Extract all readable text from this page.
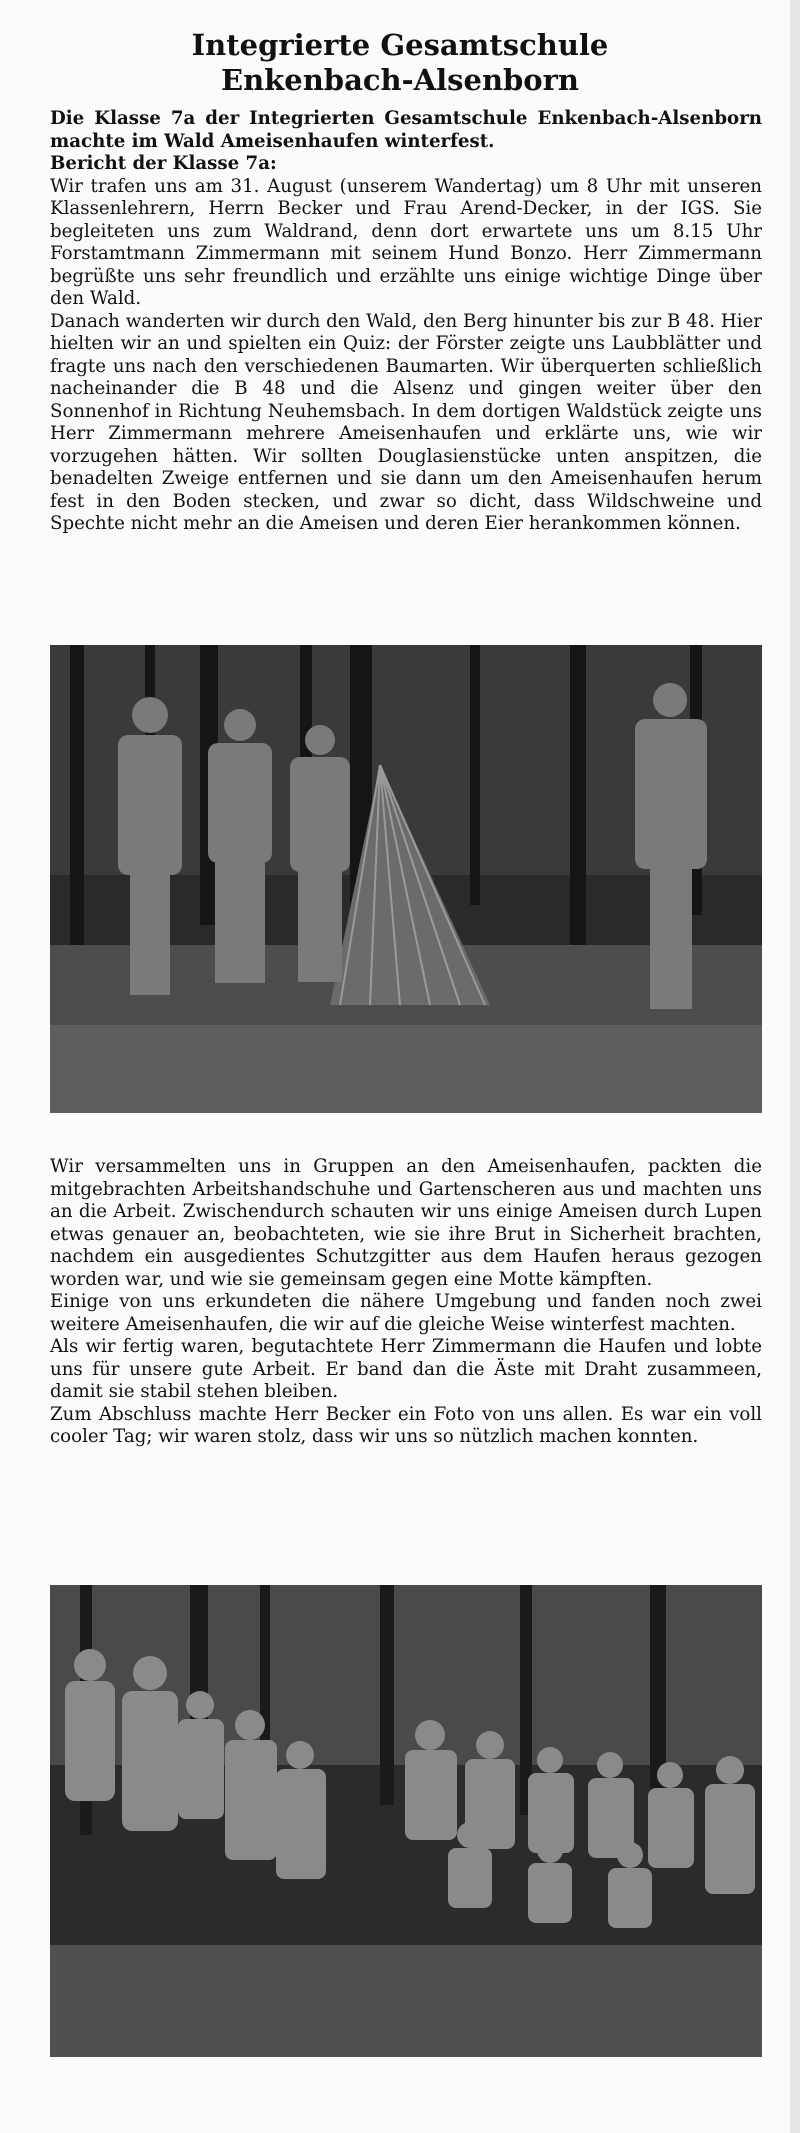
Integrierte Gesamtschule
Enkenbach-Alsenborn

Die Klasse 7a der Integrierten Gesamtschule Enkenbach-Alsenborn machte im Wald Ameisenhaufen winterfest.

Bericht der Klasse 7a:

Wir trafen uns am 31. August (unserem Wandertag) um 8 Uhr mit unseren Klassenlehrern, Herrn Becker und Frau Arend-Decker, in der IGS. Sie begleiteten uns zum Waldrand, denn dort erwartete uns um 8.15 Uhr Forstamtmann Zimmermann mit seinem Hund Bonzo. Herr Zimmermann begrüßte uns sehr freundlich und erzählte uns einige wichtige Dinge über den Wald.

Danach wanderten wir durch den Wald, den Berg hinunter bis zur B 48. Hier hielten wir an und spielten ein Quiz: der Förster zeigte uns Laubblätter und fragte uns nach den verschiedenen Baumarten. Wir überquerten schließlich nacheinander die B 48 und die Alsenz und gingen weiter über den Sonnenhof in Richtung Neuhemsbach. In dem dortigen Waldstück zeigte uns Herr Zimmermann mehrere Ameisenhaufen und erklärte uns, wie wir vorzugehen hätten. Wir sollten Douglasienstücke unten anspitzen, die benadelten Zweige entfernen und sie dann um den Ameisenhaufen herum fest in den Boden stecken, und zwar so dicht, dass Wildschweine und Spechte nicht mehr an die Ameisen und deren Eier herankommen können.

Wir versammelten uns in Gruppen an den Ameisenhaufen, packten die mitgebrachten Arbeitshandschuhe und Gartenscheren aus und machten uns an die Arbeit. Zwischendurch schauten wir uns einige Ameisen durch Lupen etwas genauer an, beobachteten, wie sie ihre Brut in Sicherheit brachten, nachdem ein ausgedientes Schutzgitter aus dem Haufen heraus gezogen worden war, und wie sie gemeinsam gegen eine Motte kämpften.

Einige von uns erkundeten die nähere Umgebung und fanden noch zwei weitere Ameisenhaufen, die wir auf die gleiche Weise winterfest machten.

Als wir fertig waren, begutachtete Herr Zimmermann die Haufen und lobte uns für unsere gute Arbeit. Er band dan die Äste mit Draht zusammeen, damit sie stabil stehen bleiben.

Zum Abschluss machte Herr Becker ein Foto von uns allen. Es war ein voll cooler Tag; wir waren stolz, dass wir uns so nützlich machen konnten.
